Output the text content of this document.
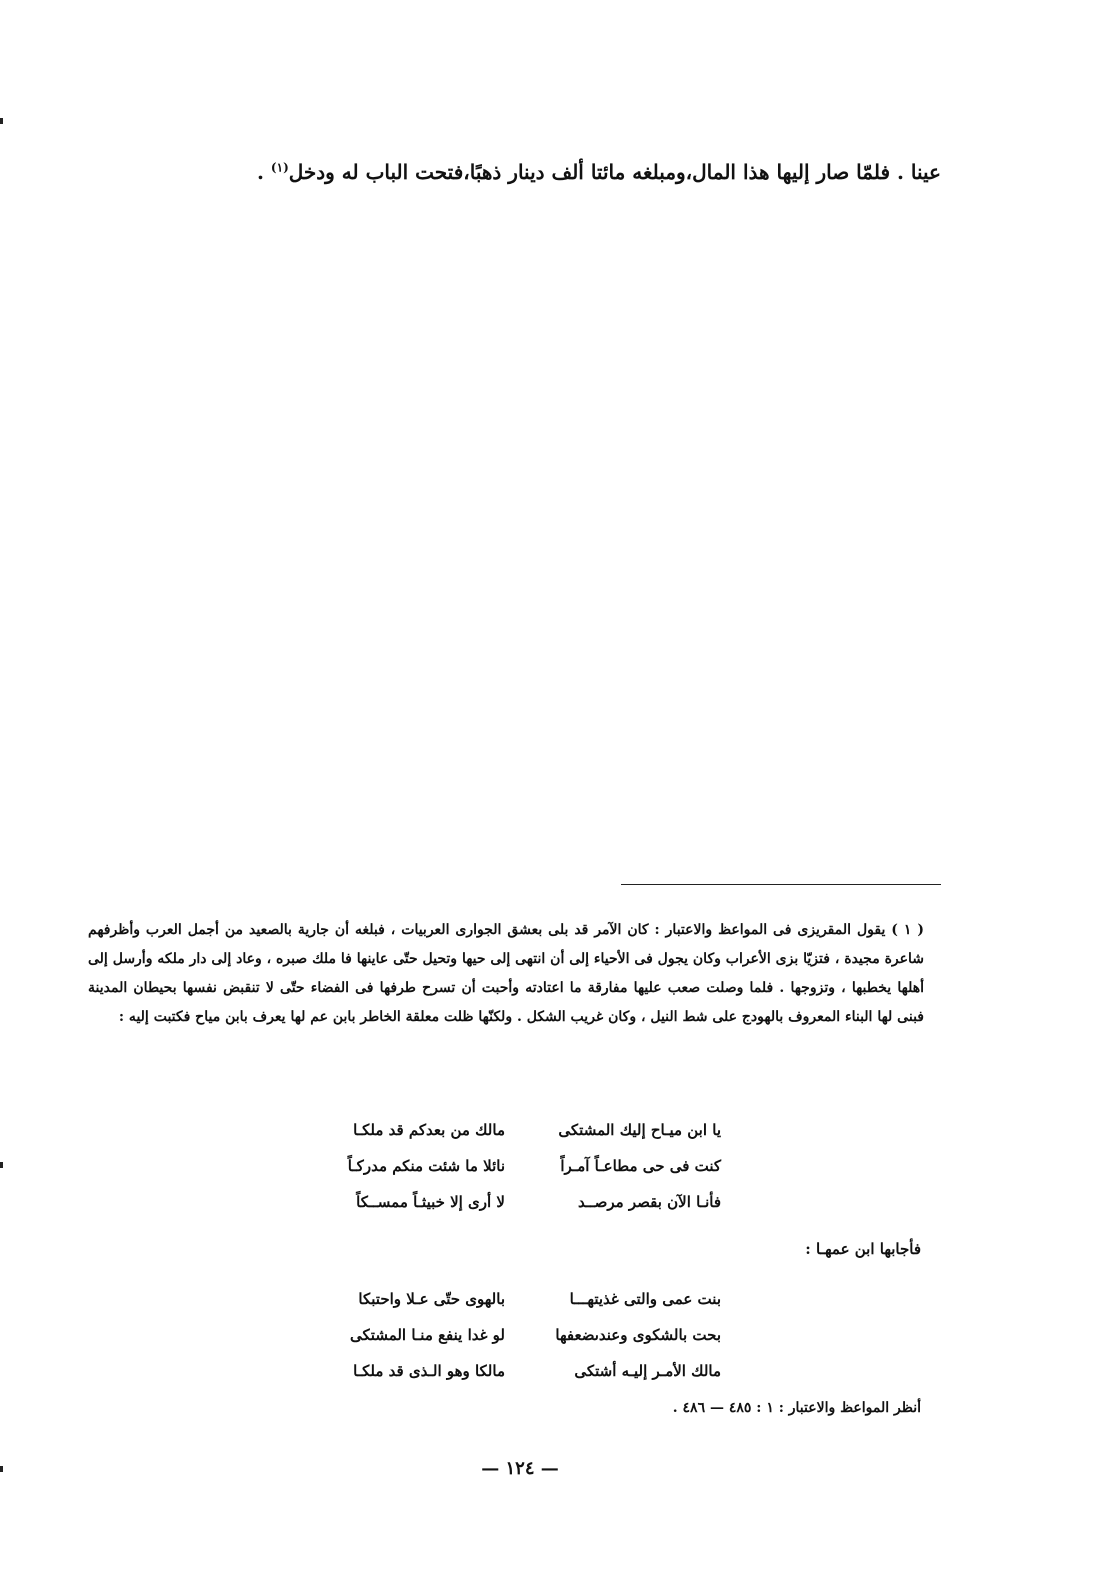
عينا . فلمّا صار إليها هذا المال،ومبلغه مائتا ألف دينار ذهبًا،فتحت الباب له ودخل$^{(١)}$ .

( ١ ) يقول المقريزى فى المواعظ والاعتبار : كان الآمر قد بلى بعشق الجوارى العربيات ، فبلغه أن جارية بالصعيد من أجمل العرب وأظرفهم شاعرة مجيدة ، فتزيّا بزى الأعراب وكان يجول فى الأحياء إلى أن انتهى إلى حيها وتحيل حتّى عاينها فا ملك صبره ، وعاد إلى دار ملكه وأرسل إلى أهلها يخطبها ، وتزوجها . فلما وصلت صعب عليها مفارقة ما اعتادته وأحبت أن تسرح طرفها فى الفضاء حتّى لا تنقبض نفسها بحيطان المدينة فبنى لها البناء المعروف بالهودج على شط النيل ، وكان غريب الشكل . ولكنّها ظلت معلقة الخاطر بابن عم لها يعرف بابن مياح فكتبت إليه :

يا ابن ميـاح إليك المشتكى
مالك من بعدكم قد ملكـا
كنت فى حى مطاعـاً آمـراً
نائلا ما شئت منكم مدركـاً
فأنـا الآن بقصر مرصــد
لا أرى إلا خبيثـاً ممســكاً
فأجابها ابن عمهـا :
بنت عمى والتى غذيتهـــا
بالهوى حتّى عـلا واحتبكا
بحت بالشكوى وعندىضعفها
لو غدا ينفع منـا المشتكى
مالك الأمـر إليـه أشتكى
مالكا وهو الـذى قد ملكـا
أنظر المواعظ والاعتبار : ١ : ٤٨٥ — ٤٨٦ .
— ١٢٤ —
